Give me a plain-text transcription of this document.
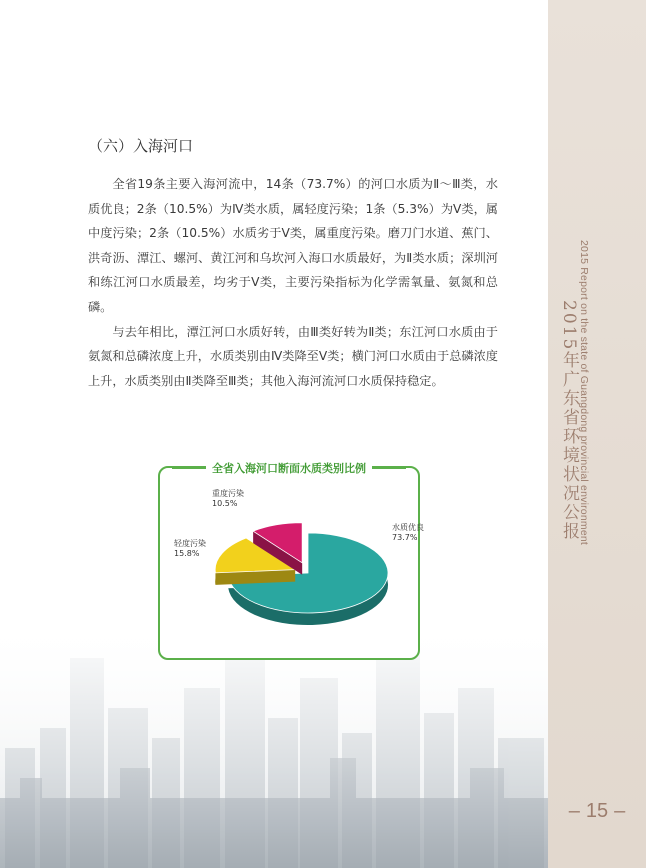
2015 Report on the state of Guangdong provincial environment
2015年广东省环境状况公报
– 15 –
（六）入海河口

全省19条主要入海河流中，14条（73.7%）的河口水质为Ⅱ～Ⅲ类，水质优良；2条（10.5%）为Ⅳ类水质，属轻度污染；1条（5.3%）为Ⅴ类，属中度污染；2条（10.5%）水质劣于Ⅴ类，属重度污染。磨刀门水道、蕉门、洪奇沥、潭江、螺河、黄江河和乌坎河入海口水质最好，为Ⅱ类水质；深圳河和练江河口水质最差，均劣于Ⅴ类，主要污染指标为化学需氧量、氨氮和总磷。

与去年相比，潭江河口水质好转，由Ⅲ类好转为Ⅱ类；东江河口水质由于氨氮和总磷浓度上升，水质类别由Ⅳ类降至Ⅴ类；横门河口水质由于总磷浓度上升，水质类别由Ⅱ类降至Ⅲ类；其他入海河流河口水质保持稳定。

全省入海河口断面水质类别比例
水质优良
73.7%
轻度污染
15.8%
重度污染
10.5%
